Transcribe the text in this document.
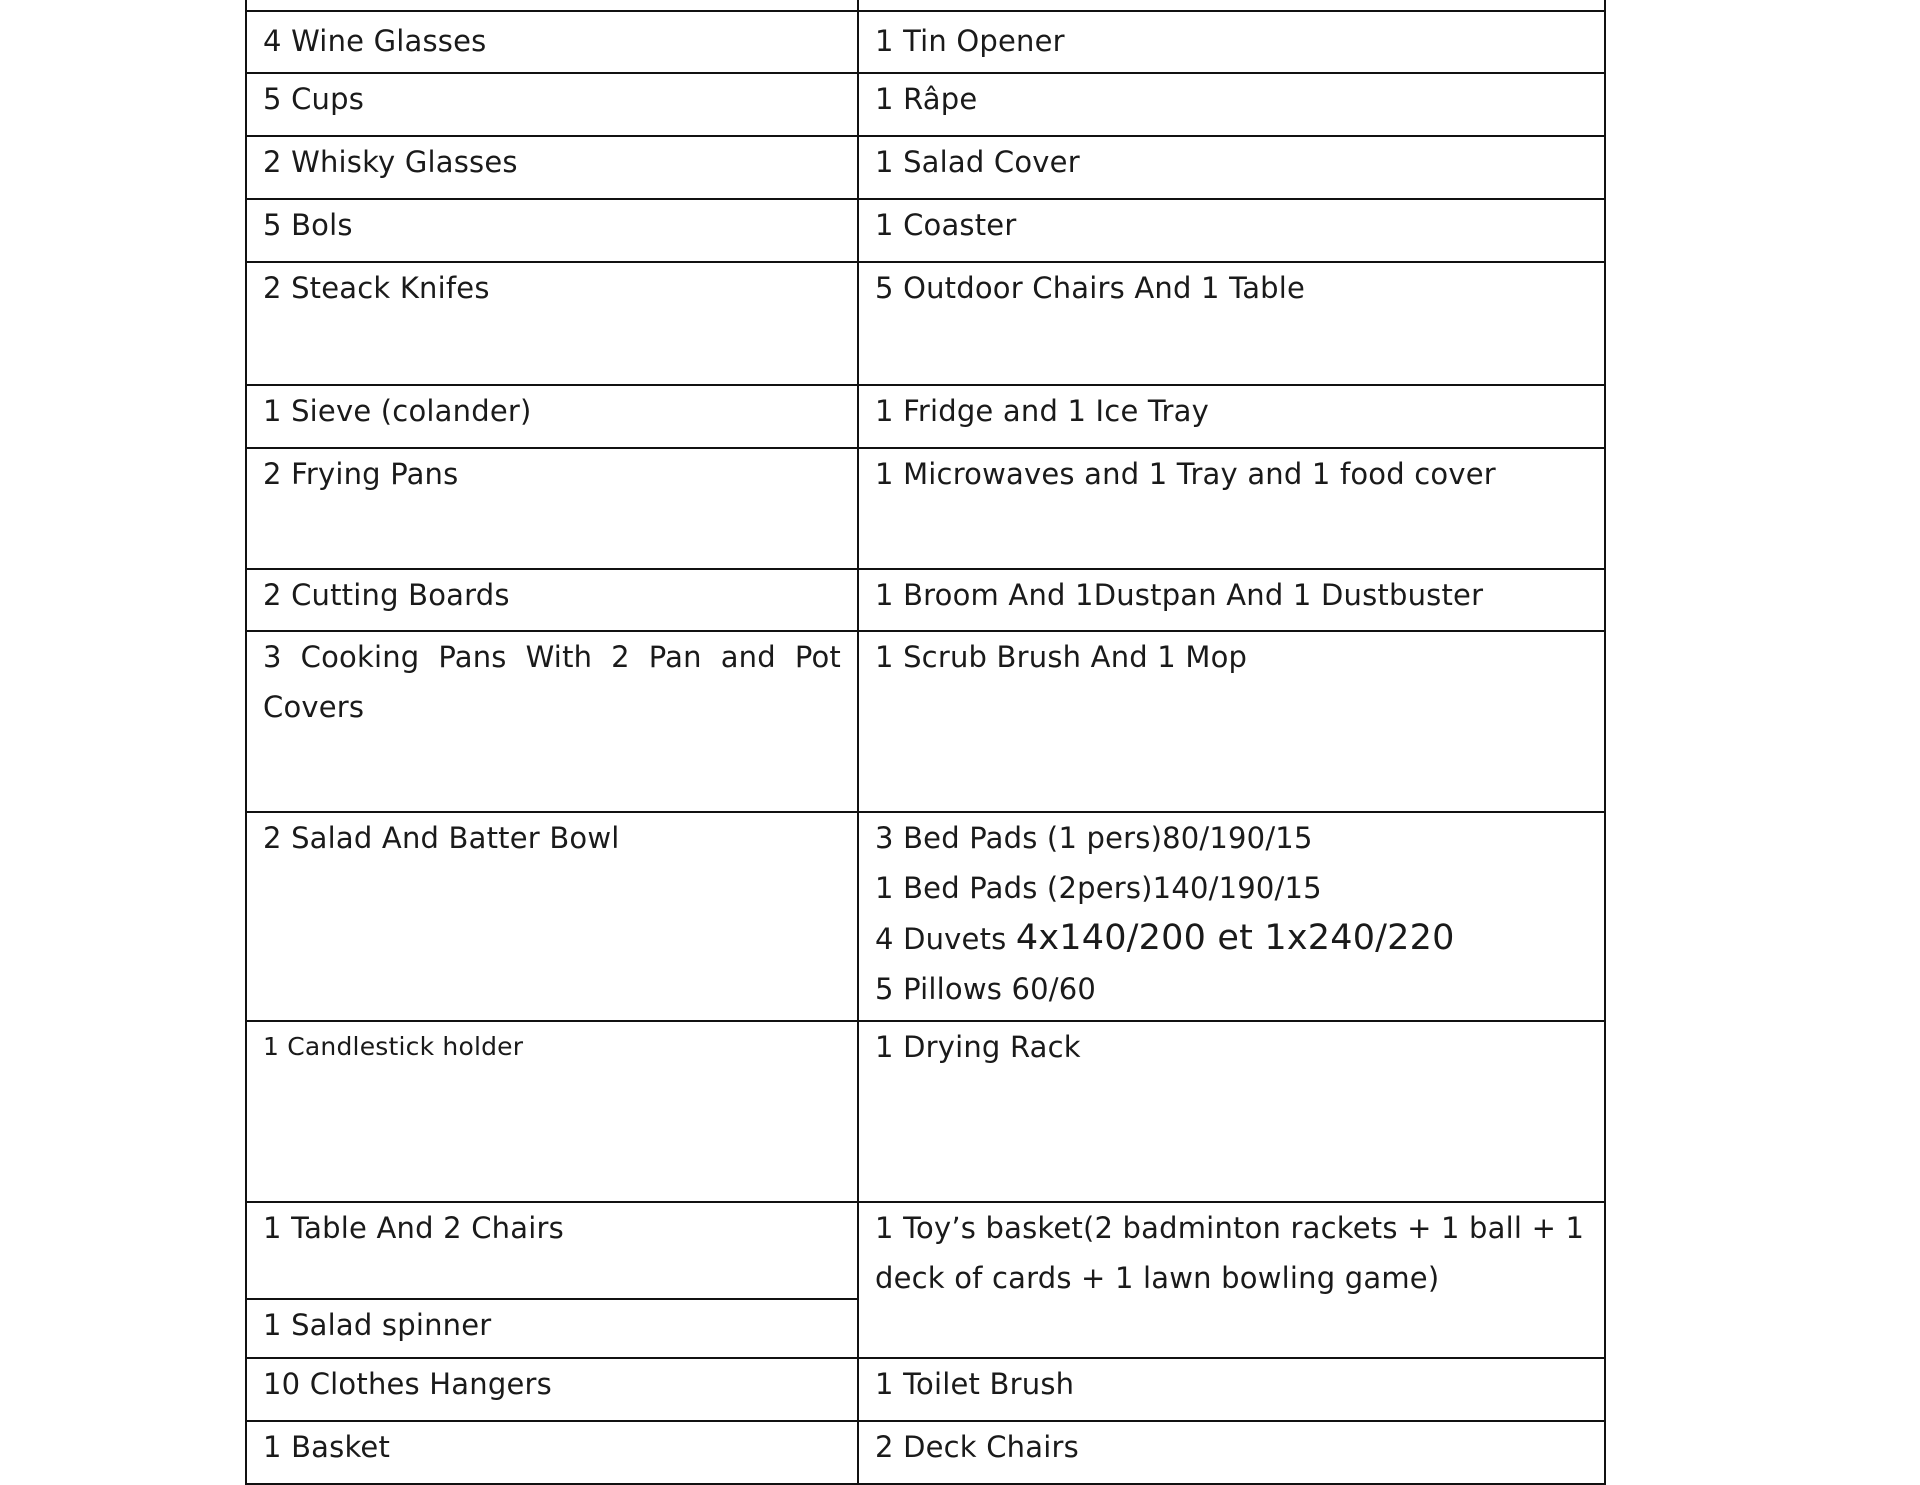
4 Wine Glasses	1 Tin Opener

5 Cups	1 Râpe

2 Whisky Glasses	1 Salad Cover

5 Bols	1 Coaster

2 Steack Knifes	5 Outdoor Chairs And 1 Table

1 Sieve (colander)	1 Fridge and 1 Ice Tray

2 Frying Pans	1 Microwaves and 1 Tray and 1 food cover

2 Cutting Boards	1 Broom And 1Dustpan And 1 Dustbuster

3 Cooking Pans With 2 Pan and Pot
Covers	1 Scrub Brush And 1 Mop

2 Salad And Batter Bowl	3 Bed Pads (1 pers)80/190/15
1 Bed Pads (2pers)140/190/15
4 Duvets 4x140/200 et 1x240/220
5 Pillows 60/60

1 Candlestick holder	1 Drying Rack

1 Table And 2 Chairs	1 Toy’s basket(2 badminton rackets + 1 ball + 1
deck of cards + 1 lawn bowling game)

1 Salad spinner	

10 Clothes Hangers	1 Toilet Brush

1 Basket	2 Deck Chairs
